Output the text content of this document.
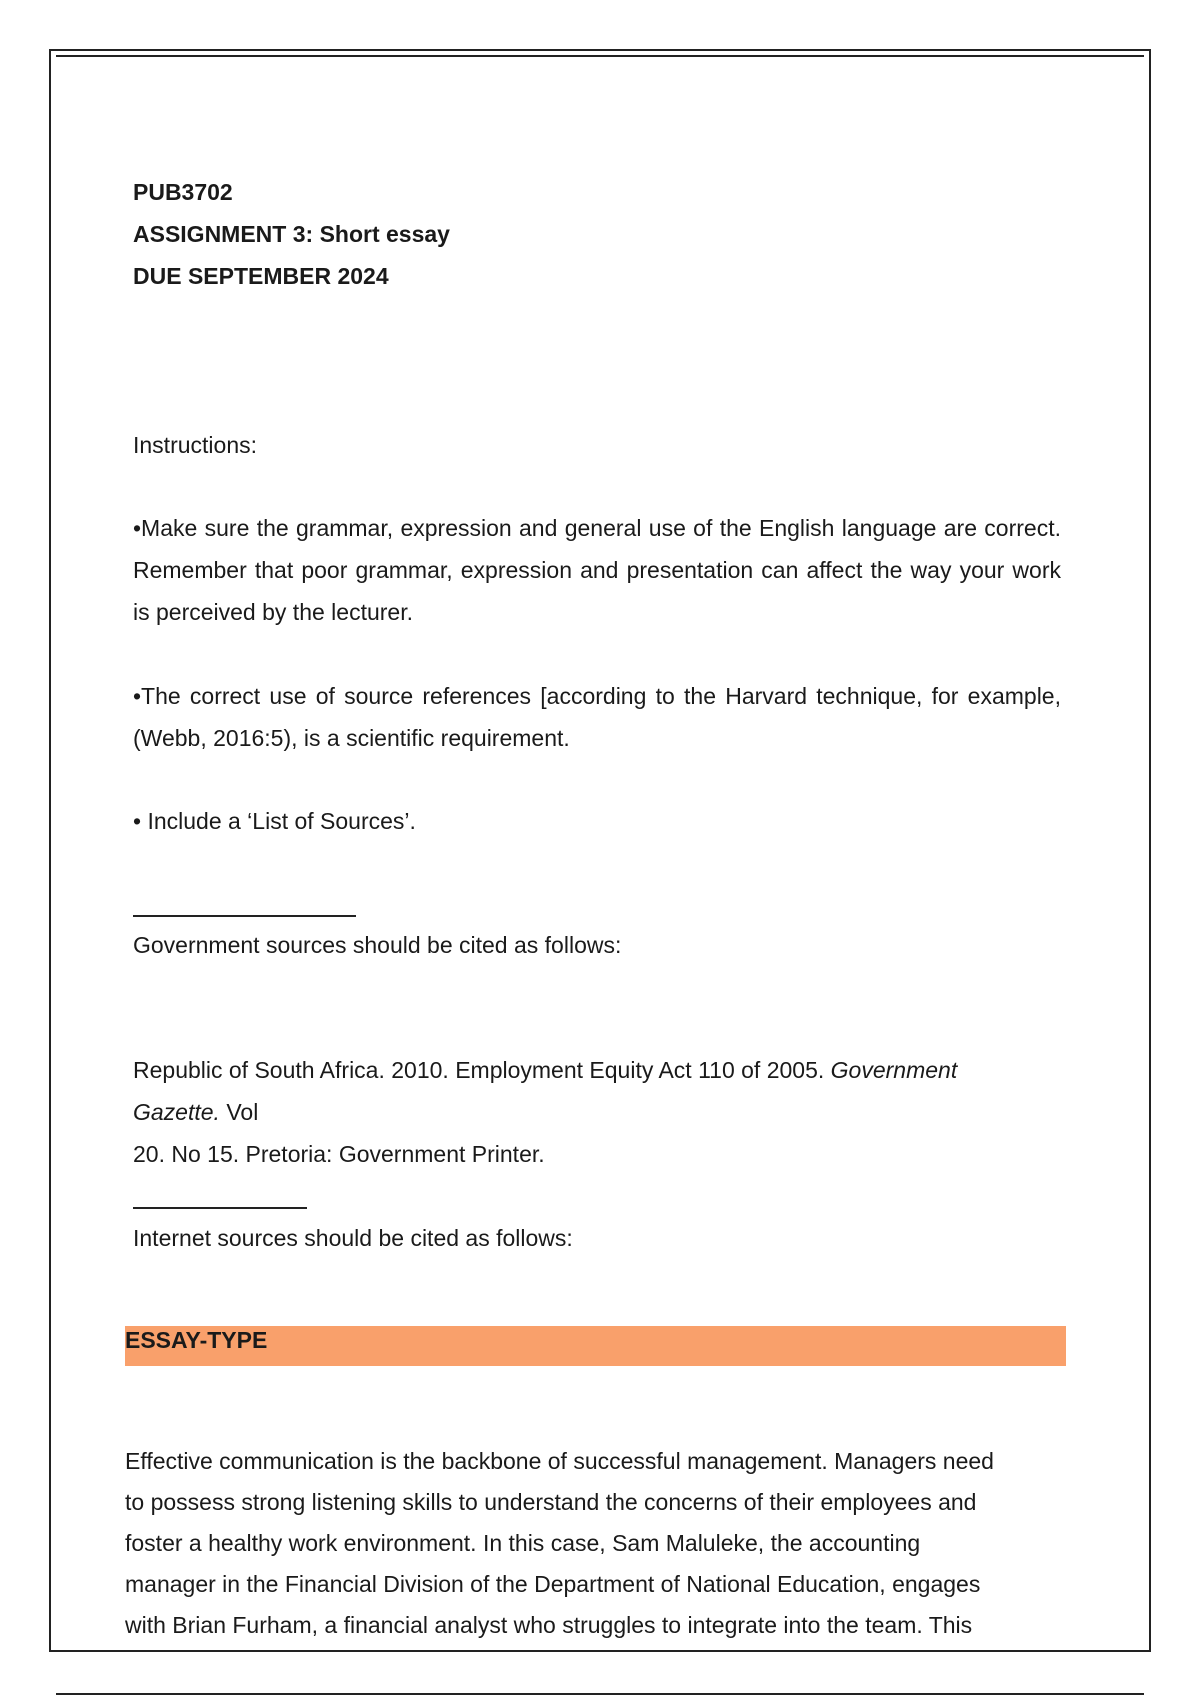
PUB3702

ASSIGNMENT 3: Short essay

DUE SEPTEMBER 2024

Instructions:

•Make sure the grammar, expression and general use of the English language are correct. Remember that poor grammar, expression and presentation can affect the way your work is perceived by the lecturer.

•The correct use of source references [according to the Harvard technique, for example, (Webb, 2016:5), is a scientific requirement.

• Include a ‘List of Sources’.

Government sources should be cited as follows:

Republic of South Africa. 2010. Employment Equity Act 110 of 2005. Government
Gazette. Vol
20. No 15. Pretoria: Government Printer.

Internet sources should be cited as follows:

ESSAY-TYPE

Effective communication is the backbone of successful management. Managers need

to possess strong listening skills to understand the concerns of their employees and

foster a healthy work environment. In this case, Sam Maluleke, the accounting

manager in the Financial Division of the Department of National Education, engages

with Brian Furham, a financial analyst who struggles to integrate into the team. This
